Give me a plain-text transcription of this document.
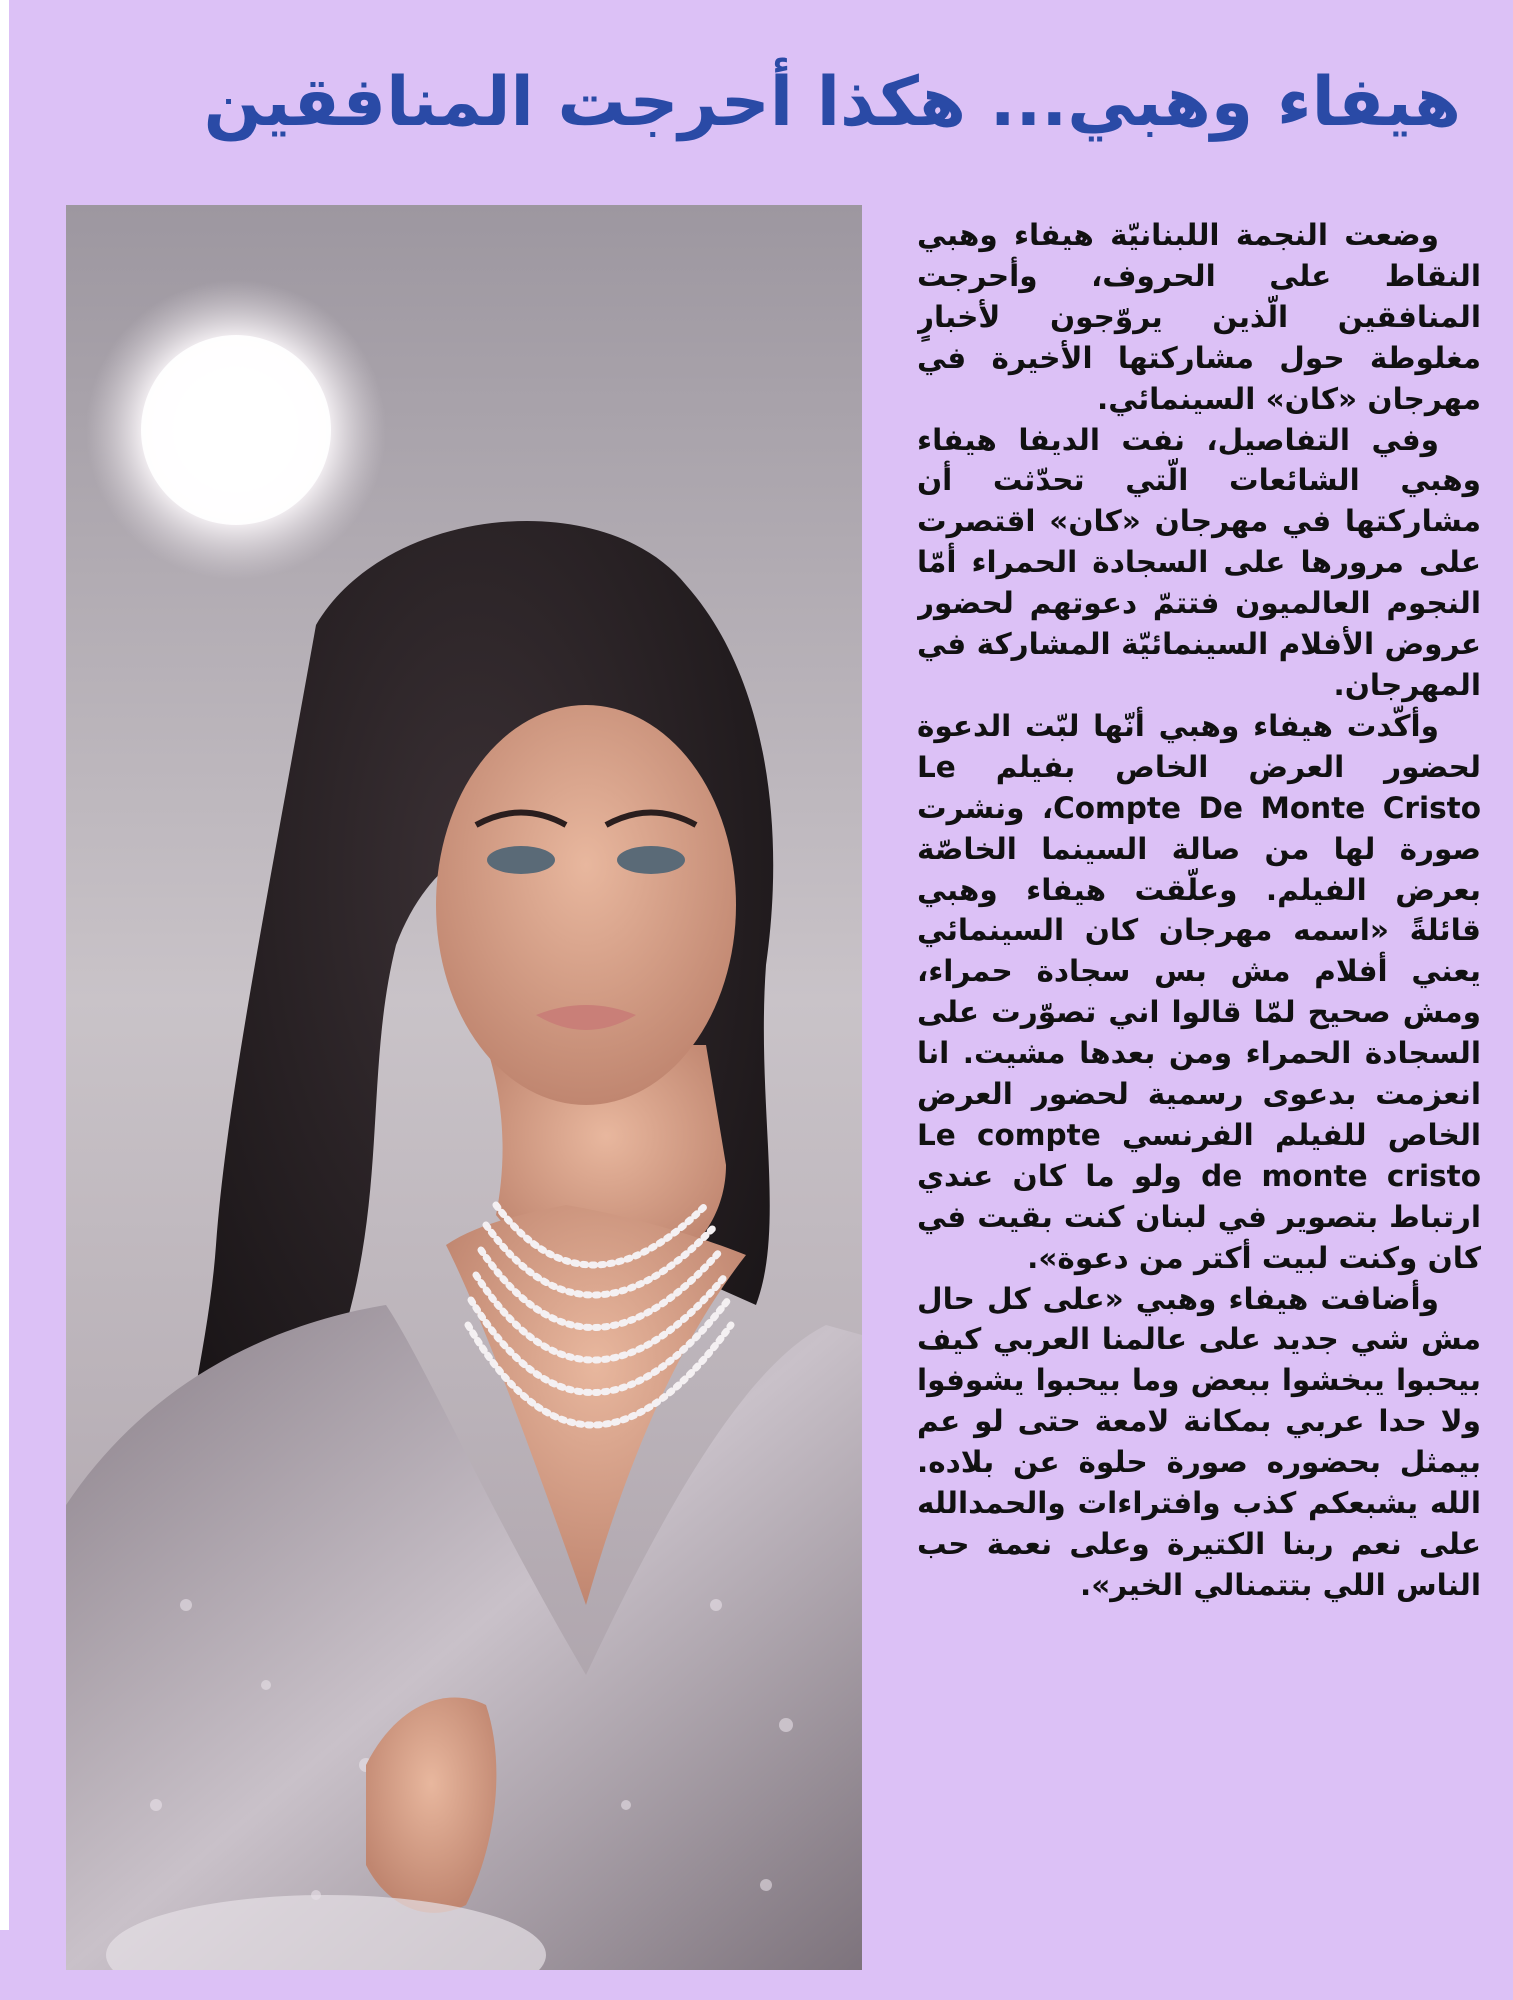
هيفاء وهبي... هكذا أحرجت المنافقين

وضعت النجمة اللبنانيّة هيفاء وهبي النقاط على الحروف، وأحرجت المنافقين الّذين يروّجون لأخبارٍ مغلوطة حول مشاركتها الأخيرة في مهرجان «كان» السينمائي.

وفي التفاصيل، نفت الديفا هيفاء وهبي الشائعات الّتي تحدّثت أن مشاركتها في مهرجان «كان» اقتصرت على مرورها على السجادة الحمراء أمّا النجوم العالميون فتتمّ دعوتهم لحضور عروض الأفلام السينمائيّة المشاركة في المهرجان.

وأكّدت هيفاء وهبي أنّها لبّت الدعوة لحضور العرض الخاص بفيلم Le Compte De Monte Cristo، ونشرت صورة لها من صالة السينما الخاصّة بعرض الفيلم. وعلّقت هيفاء وهبي قائلةً «اسمه مهرجان كان السينمائي يعني أفلام مش بس سجادة حمراء، ومش صحيح لمّا قالوا اني تصوّرت على السجادة الحمراء ومن بعدها مشيت. انا انعزمت بدعوى رسمية لحضور العرض الخاص للفيلم الفرنسي Le compte de monte cristo ولو ما كان عندي ارتباط بتصوير في لبنان كنت بقيت في كان وكنت لبيت أكتر من دعوة».

وأضافت هيفاء وهبي «على كل حال مش شي جديد على عالمنا العربي كيف بيحبوا يبخشوا ببعض وما بيحبوا يشوفوا ولا حدا عربي بمكانة لامعة حتى لو عم بيمثل بحضوره صورة حلوة عن بلاده. الله يشبعكم كذب وافتراءات والحمدالله على نعم ربنا الكتيرة وعلى نعمة حب الناس اللي بتتمنالي الخير».
